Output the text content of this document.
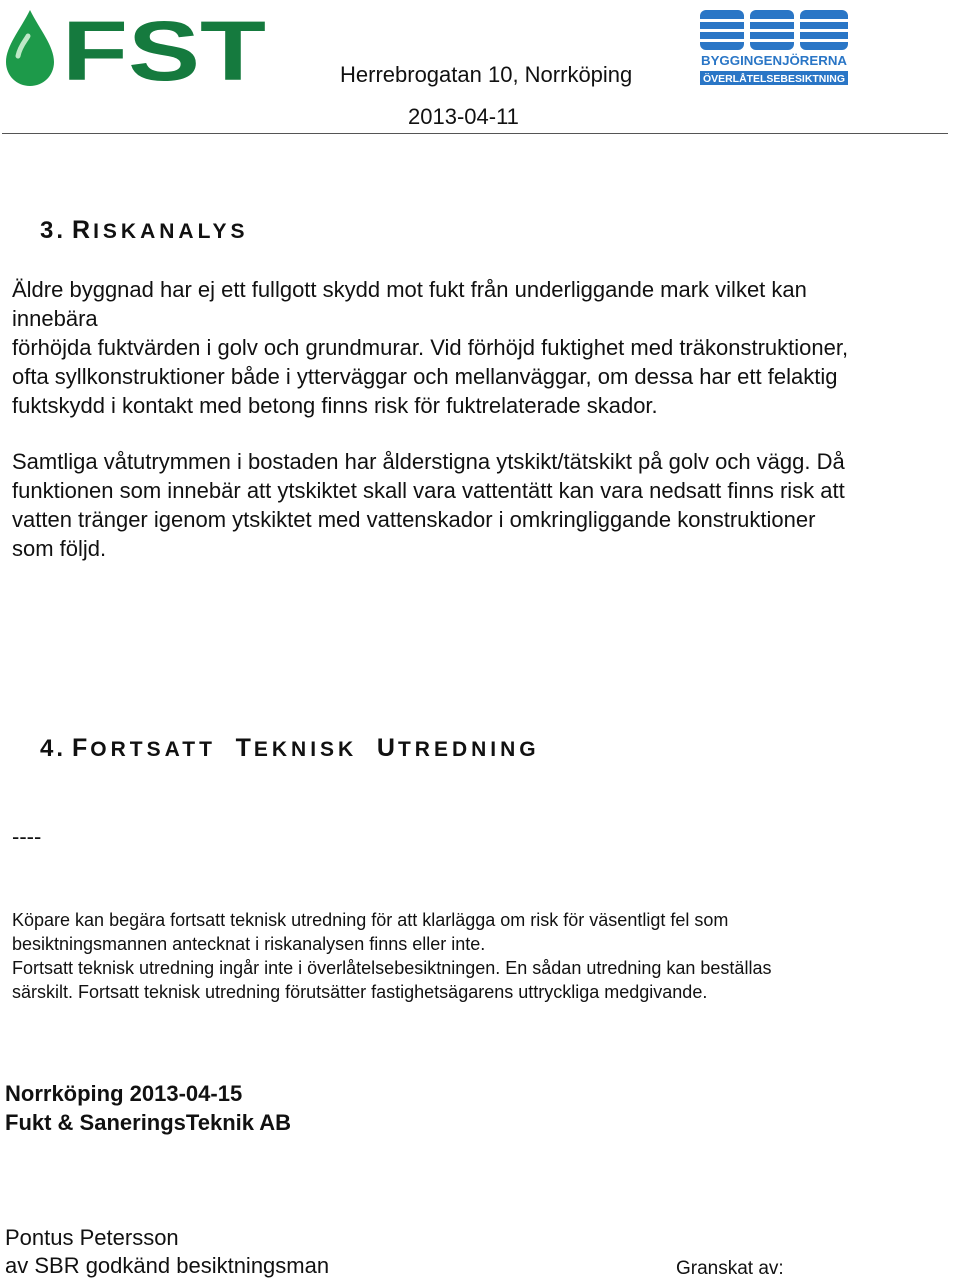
FST	BYGGINGENJÖRERNA
ÖVERLÅTELSEBESIKTNING
Herrebrogatan 10, Norrköping
2013-04-11
3. RISKANALYS
Äldre byggnad har ej ett fullgott skydd mot fukt från underliggande mark vilket kan
innebära
förhöjda fuktvärden i golv och grundmurar. Vid förhöjd fuktighet med träkonstruktioner,
ofta syllkonstruktioner både i ytterväggar och mellanväggar, om dessa har ett felaktig
fuktskydd i kontakt med betong finns risk för fuktrelaterade skador.
Samtliga våtutrymmen i bostaden har ålderstigna ytskikt/tätskikt på golv och vägg. Då
funktionen som innebär att ytskiktet skall vara vattentätt kan vara nedsatt finns risk att
vatten tränger igenom ytskiktet med vattenskador i omkringliggande konstruktioner
som följd.
4. FORTSATT TEKNISK UTREDNING
----
Köpare kan begära fortsatt teknisk utredning för att klarlägga om risk för väsentligt fel som
besiktningsmannen antecknat i riskanalysen finns eller inte.
Fortsatt teknisk utredning ingår inte i överlåtelsebesiktningen. En sådan utredning kan beställas
särskilt. Fortsatt teknisk utredning förutsätter fastighetsägarens uttryckliga medgivande.
Norrköping 2013-04-15
Fukt & SaneringsTeknik AB
Pontus Petersson
av SBR godkänd besiktningsman	Granskat av:
